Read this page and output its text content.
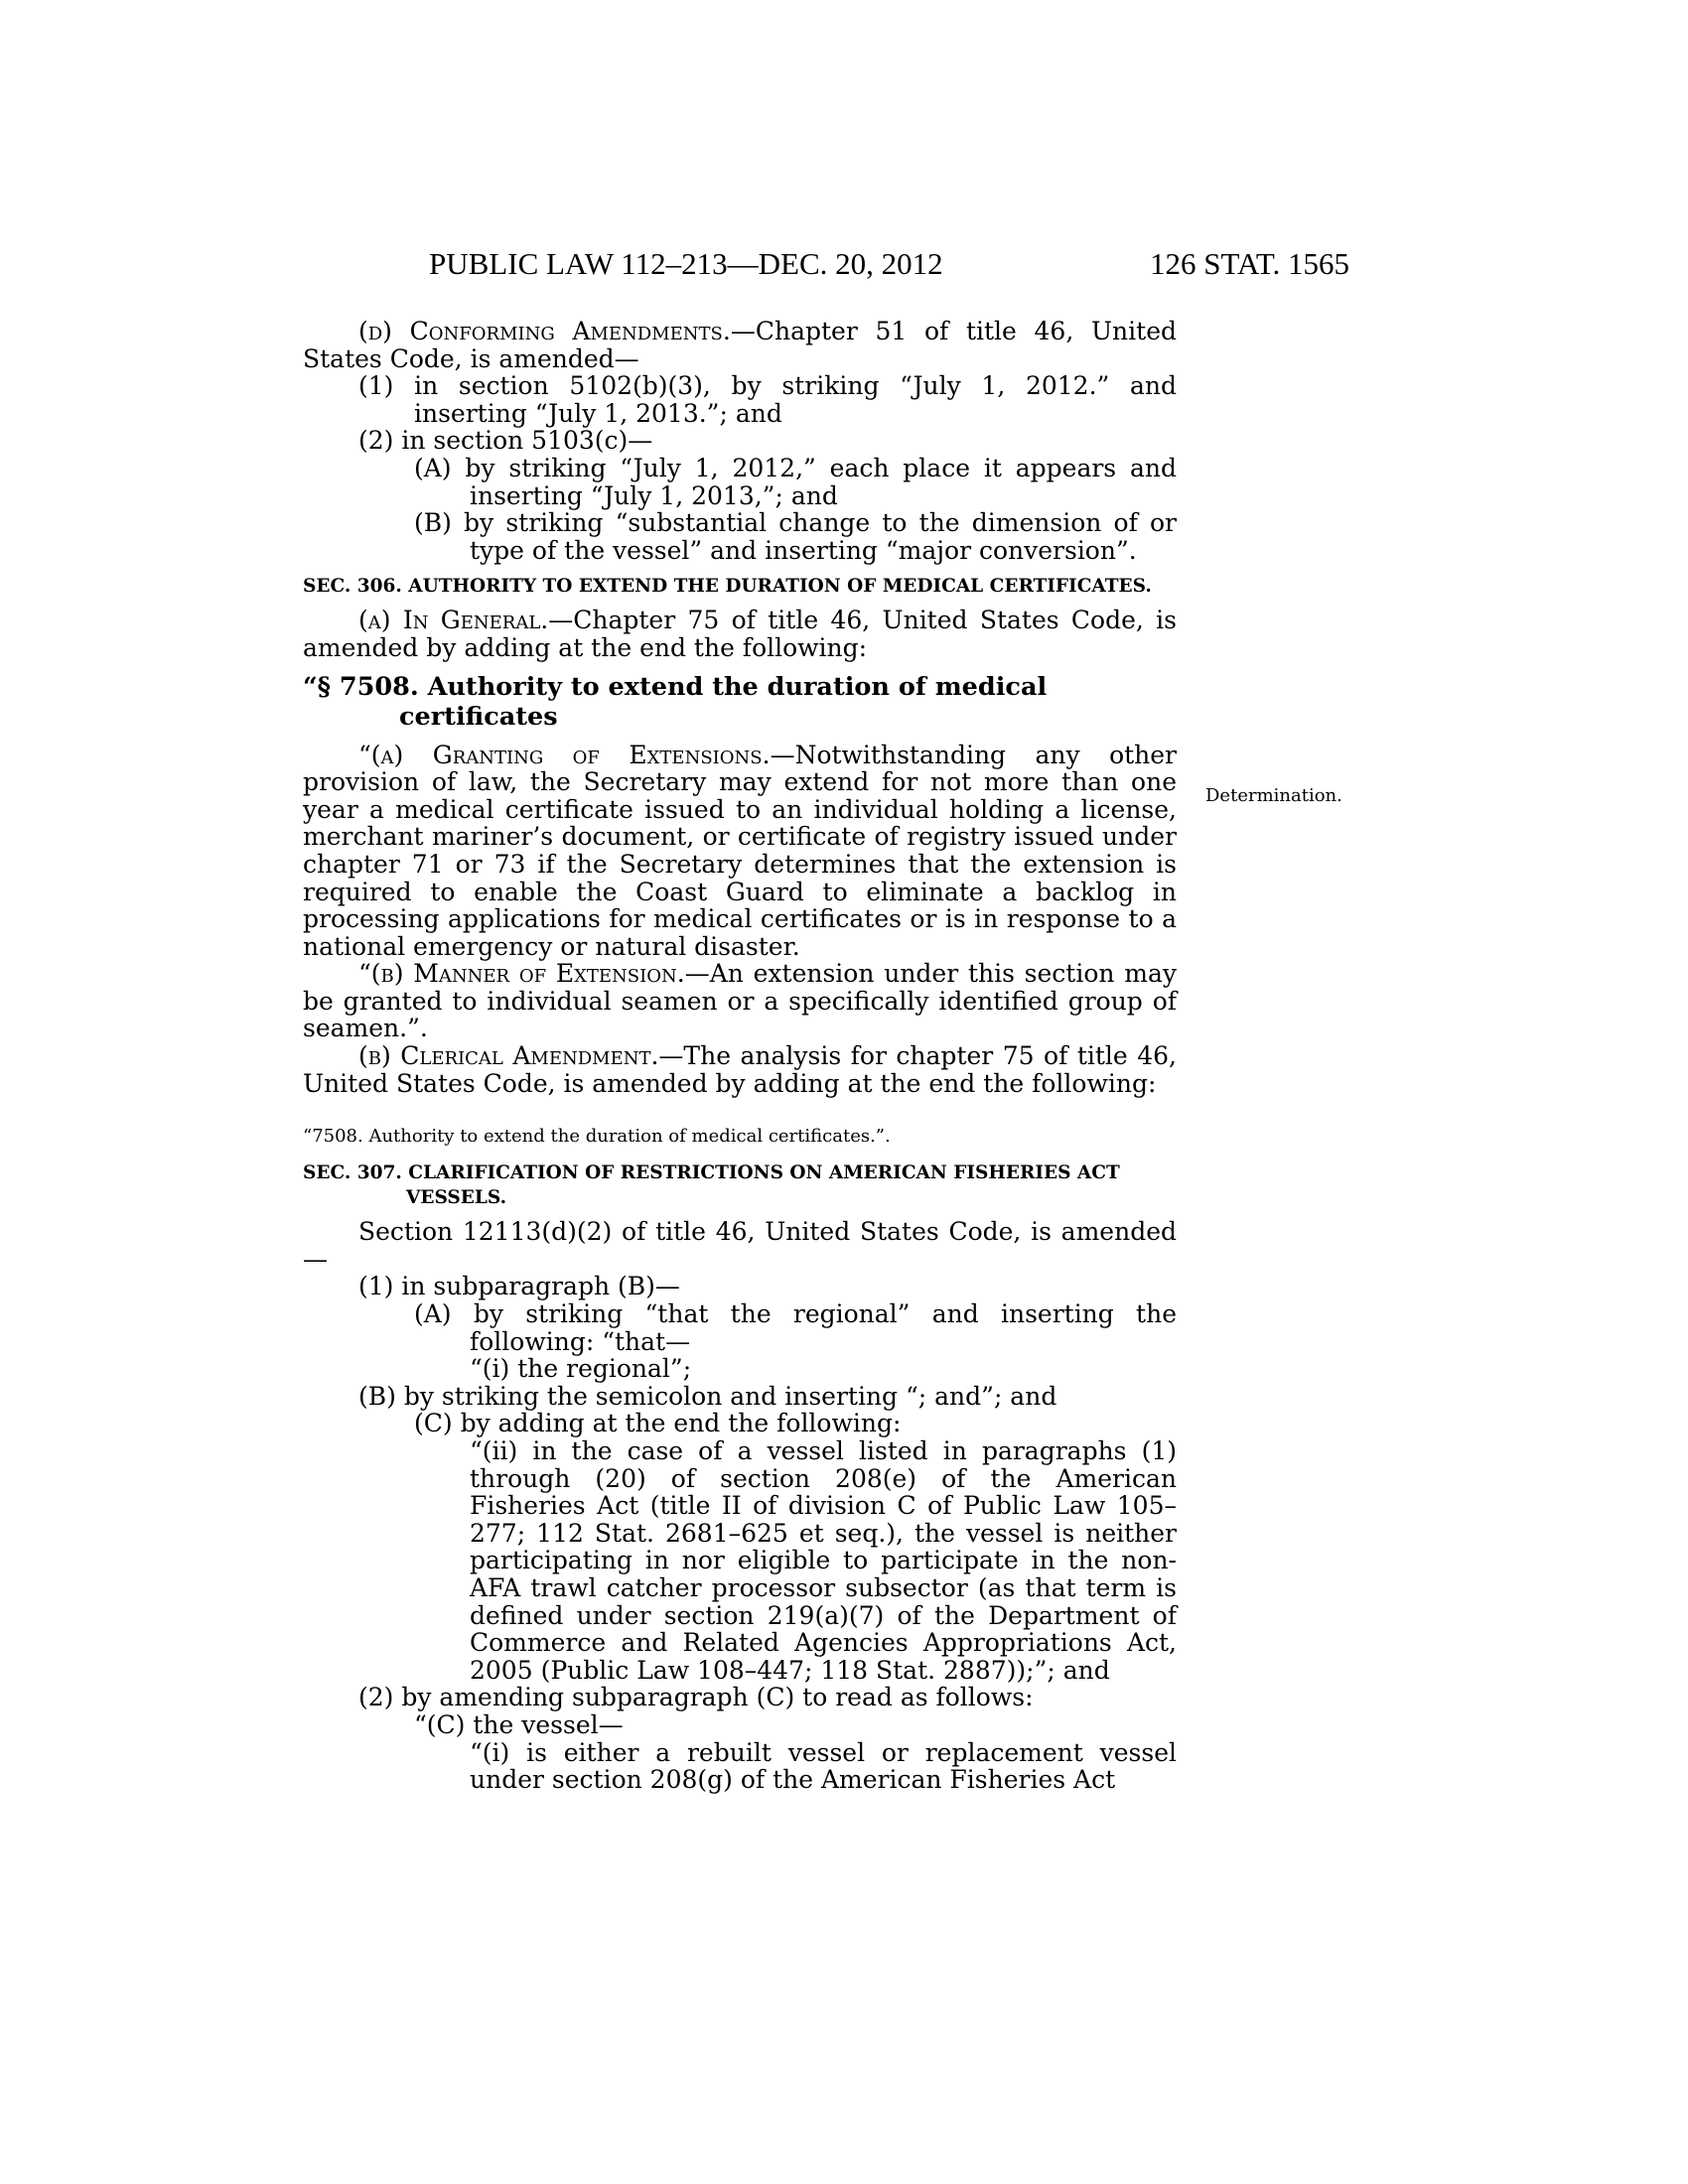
PUBLIC LAW 112–213—DEC. 20, 2012	126 STAT. 1565
Determination.

(d) Conforming Amendments.—Chapter 51 of title 46, United States Code, is amended—

(1) in section 5102(b)(3), by striking “July 1, 2012.” and inserting “July 1, 2013.”; and

(2) in section 5103(c)—

(A) by striking “July 1, 2012,” each place it appears and inserting “July 1, 2013,”; and

(B) by striking “substantial change to the dimension of or type of the vessel” and inserting “major conversion”.

SEC. 306. AUTHORITY TO EXTEND THE DURATION OF MEDICAL CERTIFICATES.

(a) In General.—Chapter 75 of title 46, United States Code, is amended by adding at the end the following:

“§ 7508. Authority to extend the duration of medical certificates

“(a) Granting of Extensions.—Notwithstanding any other provision of law, the Secretary may extend for not more than one year a medical certificate issued to an individual holding a license, merchant mariner’s document, or certificate of registry issued under chapter 71 or 73 if the Secretary determines that the extension is required to enable the Coast Guard to eliminate a backlog in processing applications for medical certificates or is in response to a national emergency or natural disaster.

“(b) Manner of Extension.—An extension under this section may be granted to individual seamen or a specifically identified group of seamen.”.

(b) Clerical Amendment.—The analysis for chapter 75 of title 46, United States Code, is amended by adding at the end the following:

“7508. Authority to extend the duration of medical certificates.”.

SEC. 307. CLARIFICATION OF RESTRICTIONS ON AMERICAN FISHERIES ACT VESSELS.

Section 12113(d)(2) of title 46, United States Code, is amended—

(1) in subparagraph (B)—

(A) by striking “that the regional” and inserting the following: “that—

“(i) the regional”;

(B) by striking the semicolon and inserting “; and”; and

(C) by adding at the end the following:

“(ii) in the case of a vessel listed in paragraphs (1) through (20) of section 208(e) of the American Fisheries Act (title II of division C of Public Law 105–277; 112 Stat. 2681–625 et seq.), the vessel is neither participating in nor eligible to participate in the non-AFA trawl catcher processor subsector (as that term is defined under section 219(a)(7) of the Department of Commerce and Related Agencies Appropriations Act, 2005 (Public Law 108–447; 118 Stat. 2887));”; and

(2) by amending subparagraph (C) to read as follows:

“(C) the vessel—

“(i) is either a rebuilt vessel or replacement vessel under section 208(g) of the American Fisheries Act
